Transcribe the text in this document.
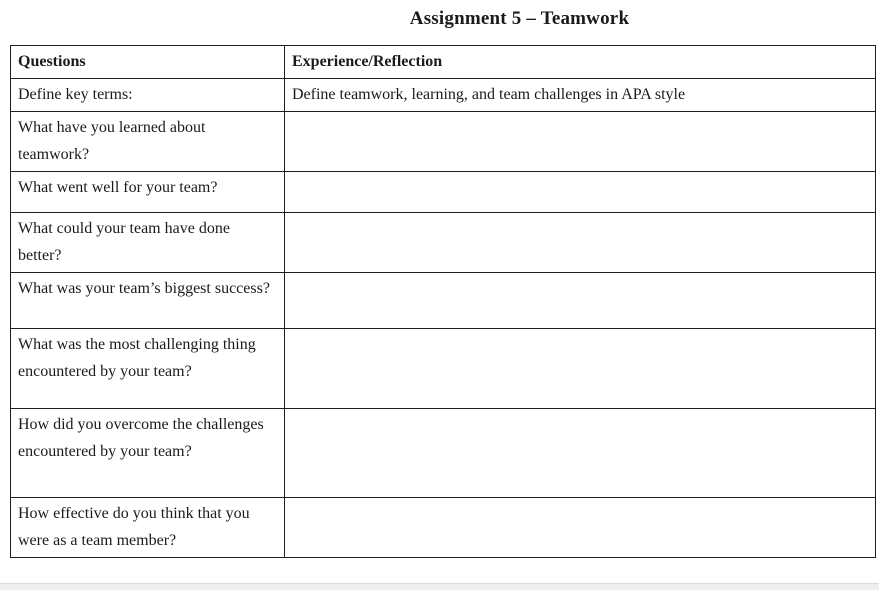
Assignment 5 – Teamwork
Questions	Experience/Reflection
Define key terms:	Define teamwork, learning, and team challenges in APA style
What have you learned about teamwork?	
What went well for your team?	
What could your team have done better?	
What was your team’s biggest success?	
What was the most challenging thing encountered by your team?	
How did you overcome the challenges encountered by your team?	
How effective do you think that you were as a team member?	
